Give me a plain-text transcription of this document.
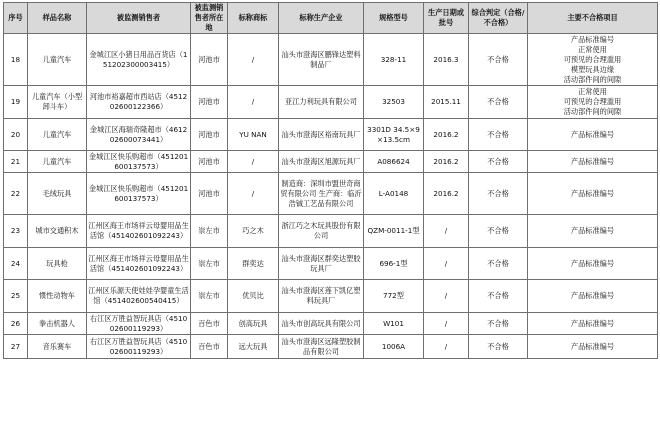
序号	样品名称	被监测销售者	被监测销售者所在地	标称商标	标称生产企业	规格型号	生产日期或批号	综合判定（合格/不合格）	主要不合格项目
18	儿童汽车	金城江区小猪日用品百货店（151202300003415）	河池市	/	汕头市澄海区鹏锋达塑料制品厂	328-11	2016.3	不合格	产品标准编号
正常使用
可预见的合理滥用
模塑玩具边缘
活动部件间的间隙

19	儿童汽车（小型卸斗车）	河池市裕嘉超市西站店（451202600122366）	河池市	/	亚江力利玩具有限公司	32503	2015.11	不合格	正常使用
可预见的合理滥用
活动部件间的间隙

20	儿童汽车	金城江区海瑞奇隆超市（461202600073441）	河池市	YU NAN	汕头市澄海区裕南玩具厂	3301D 34.5×9×13.5cm	2016.2	不合格	产品标准编号

21	儿童汽车	金城江区快乐购超市（451201600137573）	河池市	/	汕头市澄海区旭源玩具厂	A086624	2016.2	不合格	产品标准编号

22	毛绒玩具	金城江区快乐购超市（451201600137573）	河池市	/	制造商：深圳市盟世奇商贸有限公司 生产商：临沂浩铖工艺品有限公司	L-A0148	2016.2	不合格	产品标准编号

23	城市交通积木	江州区海王市场祥云母婴用品生活馆（451402601092243）	崇左市	巧之木	浙江巧之木玩具股份有限公司	QZM-0011-1型	/	不合格	产品标准编号

24	玩具枪	江州区海王市场祥云母婴用品生活馆（451402601092243）	崇左市	群奕达	汕头市澄海区群奕达塑胶玩具厂	696-1型	/	不合格	产品标准编号

25	惯性动物车	江州区乐源天使娃娃孕婴童生活馆（451402600540415）	崇左市	优贝比	汕头市澄海区莲下凯亿塑料玩具厂	772型	/	不合格	产品标准编号

26	拳击机器人	右江区万胜益智玩具店（451002600119293）	百色市	创高玩具	汕头市创高玩具有限公司	W101	/	不合格	产品标准编号

27	音乐赛车	右江区万胜益智玩具店（451002600119293）	百色市	远大玩具	汕头市澄海区远隆塑胶制品有限公司	1006A	/	不合格	产品标准编号
